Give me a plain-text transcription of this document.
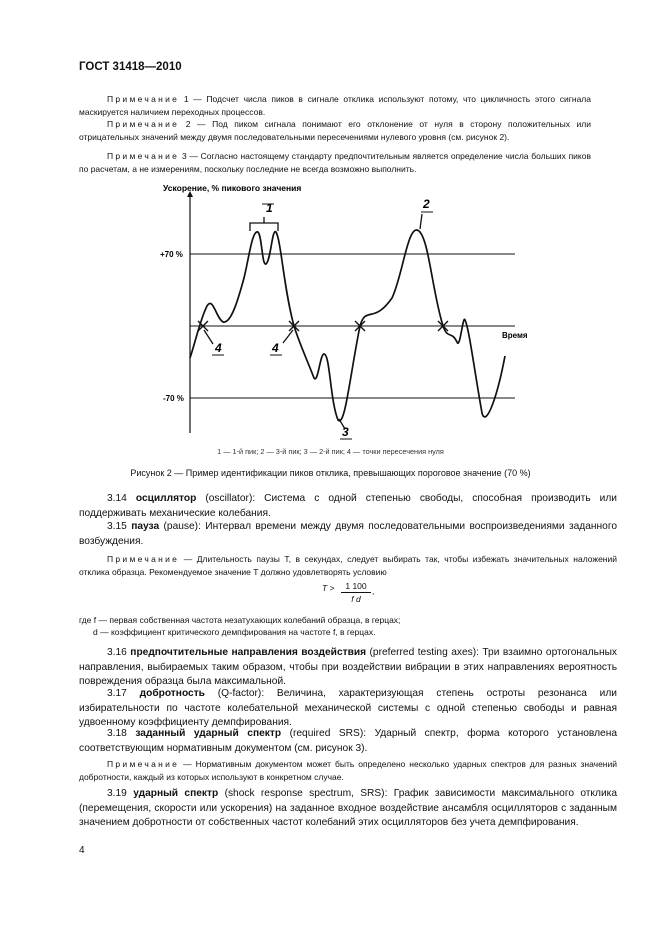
ГОСТ 31418—2010
Примечание 1 — Подсчет числа пиков в сигнале отклика используют потому, что цикличность этого сигнала маскируется наличием переходных процессов.
Примечание 2 — Под пиком сигнала понимают его отклонение от нуля в сторону положительных или отрицательных значений между двумя последовательными пересечениями нулевого уровня (см. рисунок 2).
Примечание 3 — Согласно настоящему стандарту предпочтительным является определение числа больших пиков по расчетам, а не измерениям, поскольку последние не всегда возможно выполнить.
Ускорение, % пикового значения
+70 %
-70 %
Время
1	2
3
4	4
1 — 1-й пик; 2 — 3-й пик; 3 — 2-й пик; 4 — точки пересечения нуля
Рисунок 2 — Пример идентификации пиков отклика, превышающих пороговое значение (70 %)
3.14 осциллятор (oscillator): Система с одной степенью свободы, способная производить или поддерживать механические колебания.
3.15 пауза (pause): Интервал времени между двумя последовательными воспроизведениями заданного возбуждения.
Примечание — Длительность паузы T, в секундах, следует выбирать так, чтобы избежать значительных наложений отклика образца. Рекомендуемое значение T должно удовлетворять условию
T >	1 100
f d
,
где f — первая собственная частота незатухающих колебаний образца, в герцах;
d — коэффициент критического демпфирования на частоте f, в герцах.
3.16 предпочтительные направления воздействия (preferred testing axes): Три взаимно ортогональных направления, выбираемых таким образом, чтобы при воздействии вибрации в этих направлениях вероятность повреждения образца была максимальной.
3.17 добротность (Q-factor): Величина, характеризующая степень остроты резонанса или избирательности по частоте колебательной механической системы с одной степенью свободы и равная удвоенному коэффициенту демпфирования.
3.18 заданный ударный спектр (required SRS): Ударный спектр, форма которого установлена соответствующим нормативным документом (см. рисунок 3).
Примечание — Нормативным документом может быть определено несколько ударных спектров для разных значений добротности, каждый из которых используют в конкретном случае.
3.19 ударный спектр (shock response spectrum, SRS): График зависимости максимального отклика (перемещения, скорости или ускорения) на заданное входное воздействие ансамбля осцилляторов с заданным значением добротности от собственных частот колебаний этих осцилляторов без учета демпфирования.
4
